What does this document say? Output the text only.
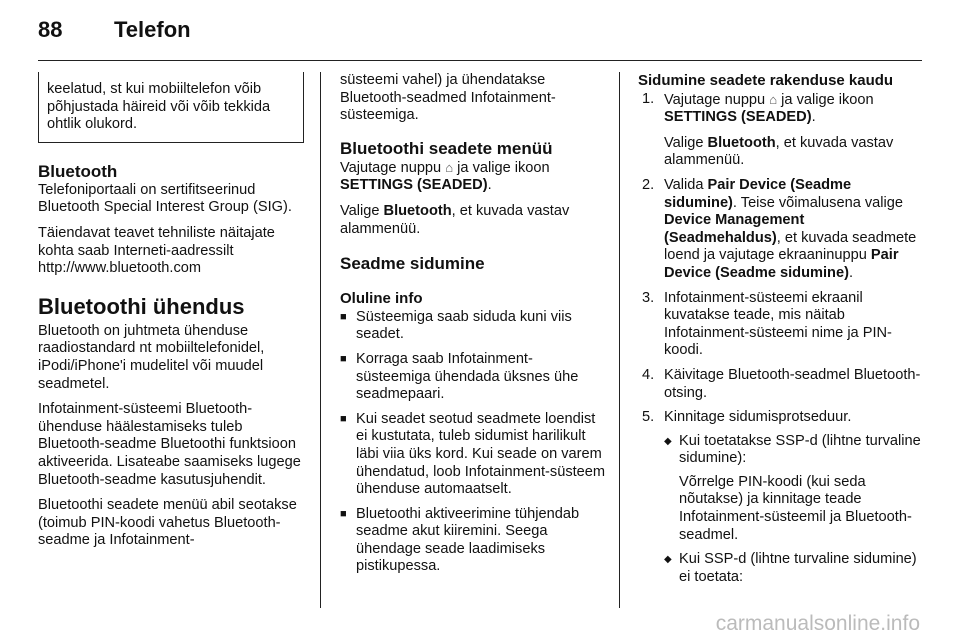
88 Telefon
keelatud, st kui mobiiltelefon võib põhjustada häireid või võib tekkida ohtlik olukord.
Bluetooth

Telefoniportaali on sertifitseerinud Bluetooth Special Interest Group (SIG).

Täiendavat teavet tehniliste näitajate kohta saab Interneti-aadressilt http://www.bluetooth.com

Bluetoothi ühendus

Bluetooth on juhtmeta ühenduse raadiostandard nt mobiiltelefonidel, iPodi/iPhone'i mudelitel või muudel seadmetel.

Infotainment-süsteemi Bluetooth-ühenduse häälestamiseks tuleb Bluetooth-seadme Bluetoothi funktsioon aktiveerida. Lisateabe saamiseks lugege Bluetooth-seadme kasutusjuhendit.

Bluetoothi seadete menüü abil seotakse (toimub PIN-koodi vahetus Bluetooth-seadme ja Infotainment-

süsteemi vahel) ja ühendatakse Bluetooth-seadmed Infotainment-süsteemiga.

Bluetoothi seadete menüü

Vajutage nuppu ⌂ ja valige ikoon SETTINGS (SEADED).

Valige Bluetooth, et kuvada vastav alammenüü.

Seadme sidumine
Oluline info
■ Süsteemiga saab siduda kuni viis seadet.
■ Korraga saab Infotainment-süsteemiga ühendada üksnes ühe seadmepaari.
■ Kui seadet seotud seadmete loendist ei kustutata, tuleb sidumist harilikult läbi viia üks kord. Kui seade on varem ühendatud, loob Infotainment-süsteem ühenduse automaatselt.
■ Bluetoothi aktiveerimine tühjendab seadme akut kiiremini. Seega ühendage seade laadimiseks pistikupessa.
Sidumine seadete rakenduse kaudu
1. Vajutage nuppu ⌂ ja valige ikoon SETTINGS (SEADED).

Valige Bluetooth, et kuvada vastav alammenüü.

2. Valida Pair Device (Seadme sidumine). Teise võimalusena valige Device Management (Seadmehaldus), et kuvada seadmete loend ja vajutage ekraaninuppu Pair Device (Seadme sidumine).
3. Infotainment-süsteemi ekraanil kuvatakse teade, mis näitab Infotainment-süsteemi nime ja PIN-koodi.
4. Käivitage Bluetooth-seadmel Bluetooth-otsing.
5. Kinnitage sidumisprotseduur.
◆ Kui toetatakse SSP-d (lihtne turvaline sidumine):

Võrrelge PIN-koodi (kui seda nõutakse) ja kinnitage teade Infotainment-süsteemil ja Bluetooth-seadmel.

◆ Kui SSP-d (lihtne turvaline sidumine) ei toetata:
carmanualsonline.info
